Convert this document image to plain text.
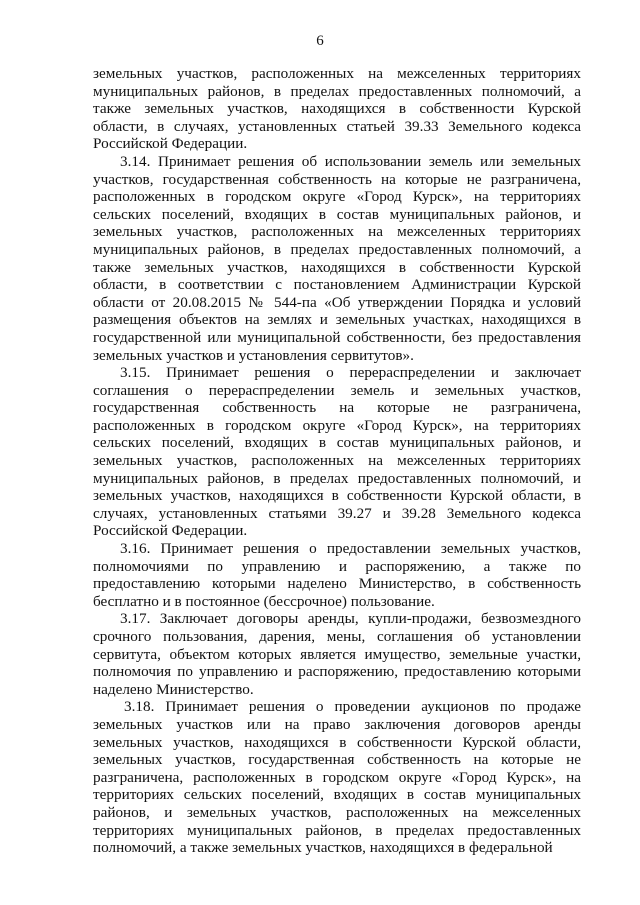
6

земельных участков, расположенных на межселенных территориях муниципальных районов, в пределах предоставленных полномочий, а также земельных участков, находящихся в собственности Курской области, в случаях, установленных статьей 39.33 Земельного кодекса Российской Федерации.

3.14. Принимает решения об использовании земель или земельных участков, государственная собственность на которые не разграничена, расположенных в городском округе «Город Курск», на территориях сельских поселений, входящих в состав муниципальных районов, и земельных участков, расположенных на межселенных территориях муниципальных районов, в пределах предоставленных полномочий, а также земельных участков, находящихся в собственности Курской области, в соответствии с постановлением Администрации Курской области от 20.08.2015 № 544-па «Об утверждении Порядка и условий размещения объектов на землях и земельных участках, находящихся в государственной или муниципальной собственности, без предоставления земельных участков и установления сервитутов».

3.15. Принимает решения о перераспределении и заключает соглашения о перераспределении земель и земельных участков, государственная собственность на которые не разграничена, расположенных в городском округе «Город Курск», на территориях сельских поселений, входящих в состав муниципальных районов, и земельных участков, расположенных на межселенных территориях муниципальных районов, в пределах предоставленных полномочий, и земельных участков, находящихся в собственности Курской области, в случаях, установленных статьями 39.27 и 39.28 Земельного кодекса Российской Федерации.

3.16. Принимает решения о предоставлении земельных участков, полномочиями по управлению и распоряжению, а также по предоставлению которыми наделено Министерство, в собственность бесплатно и в постоянное (бессрочное) пользование.

3.17. Заключает договоры аренды, купли-продажи, безвозмездного срочного пользования, дарения, мены, соглашения об установлении сервитута, объектом которых является имущество, земельные участки, полномочия по управлению и распоряжению, предоставлению которыми наделено Министерство.

3.18. Принимает решения о проведении аукционов по продаже земельных участков или на право заключения договоров аренды земельных участков, находящихся в собственности Курской области, земельных участков, государственная собственность на которые не разграничена, расположенных в городском округе «Город Курск», на территориях сельских поселений, входящих в состав муниципальных районов, и земельных участков, расположенных на межселенных территориях муниципальных районов, в пределах предоставленных полномочий, а также земельных участков, находящихся в федеральной
